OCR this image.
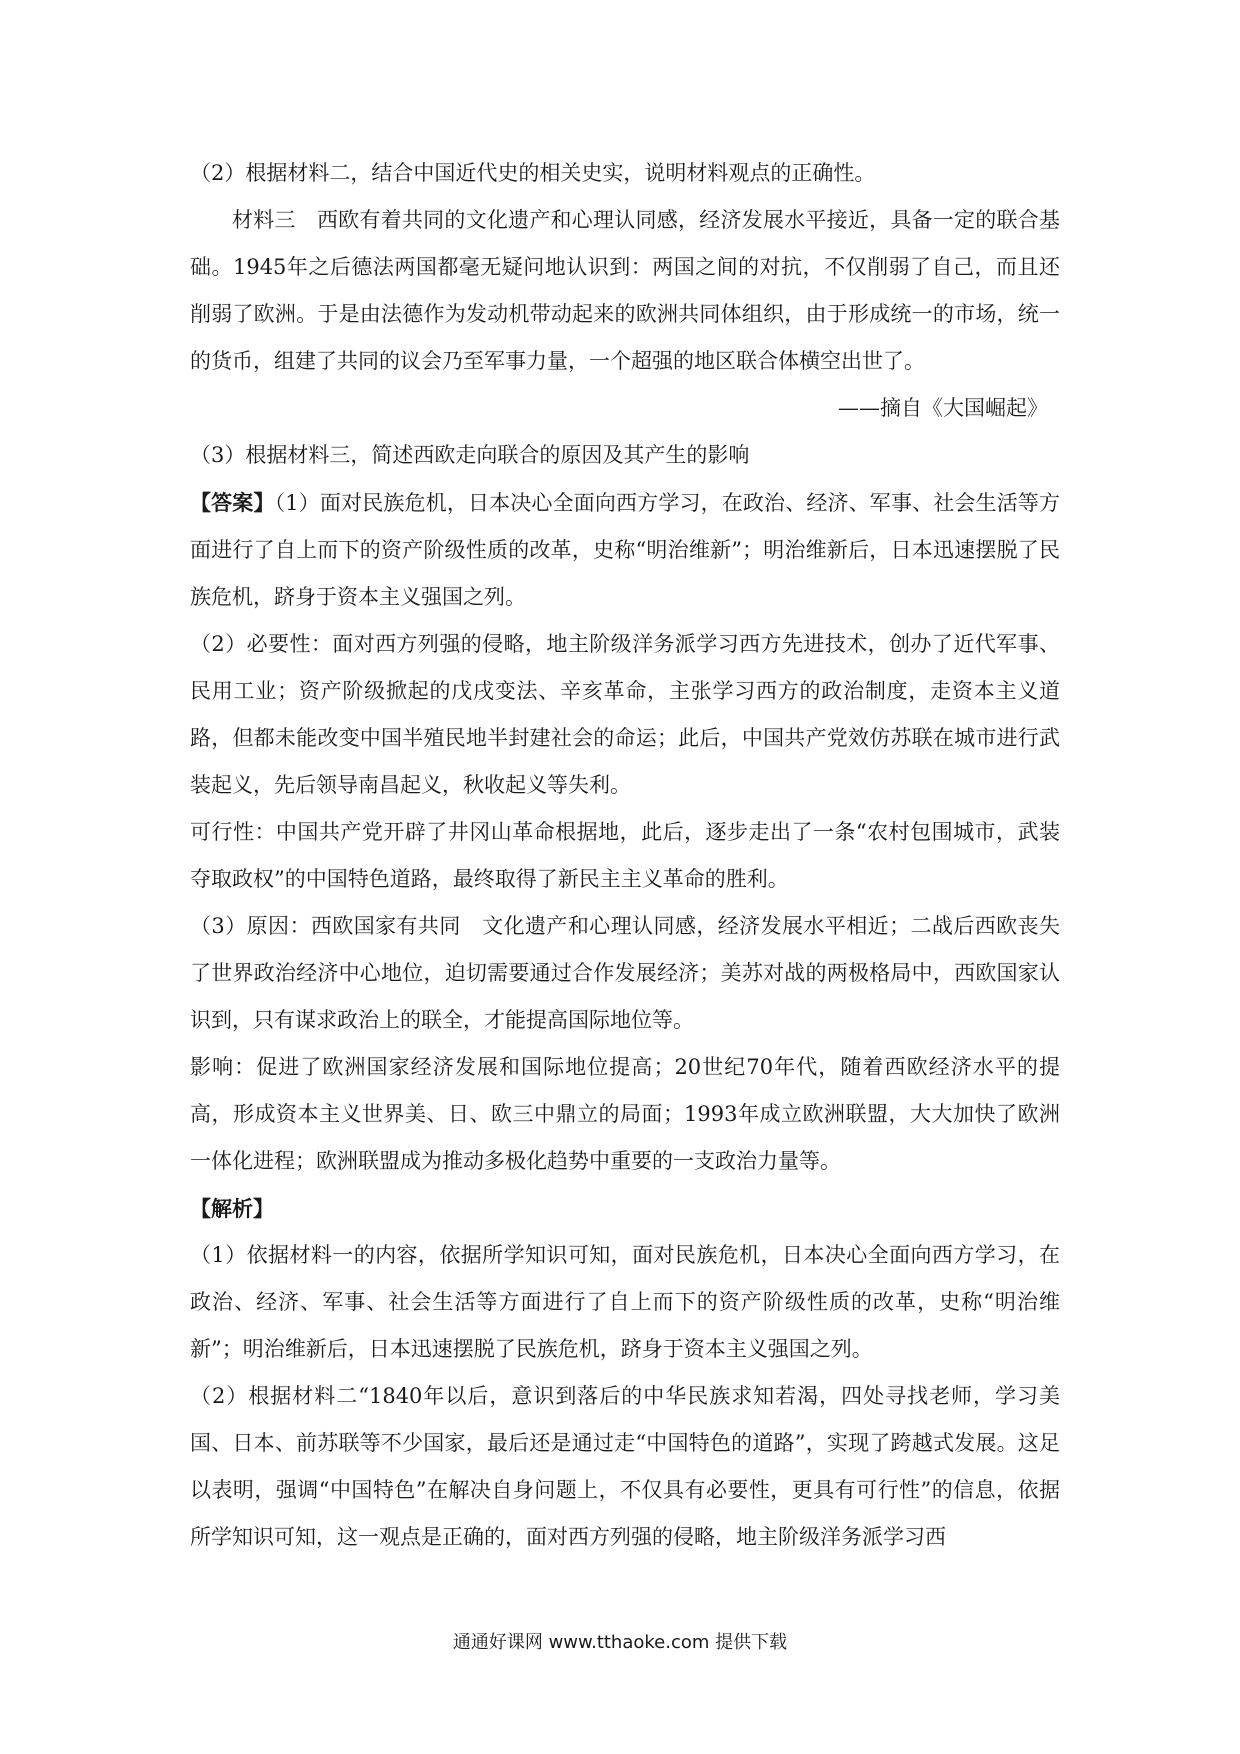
（2）根据材料二，结合中国近代史的相关史实，说明材料观点的正确性。

材料三　西欧有着共同的文化遗产和心理认同感，经济发展水平接近，具备一定的联合基础。1945年之后德法两国都毫无疑问地认识到：两国之间的对抗，不仅削弱了自己，而且还削弱了欧洲。于是由法德作为发动机带动起来的欧洲共同体组织，由于形成统一的市场，统一的货币，组建了共同的议会乃至军事力量，一个超强的地区联合体横空出世了。

——摘自《大国崛起》

（3）根据材料三，简述西欧走向联合的原因及其产生的影响

【答案】（1）面对民族危机，日本决心全面向西方学习，在政治、经济、军事、社会生活等方面进行了自上而下的资产阶级性质的改革，史称“明治维新”；明治维新后，日本迅速摆脱了民族危机，跻身于资本主义强国之列。

（2）必要性：面对西方列强的侵略，地主阶级洋务派学习西方先进技术，创办了近代军事、民用工业；资产阶级掀起的戊戌变法、辛亥革命，主张学习西方的政治制度，走资本主义道路，但都未能改变中国半殖民地半封建社会的命运；此后，中国共产党效仿苏联在城市进行武装起义，先后领导南昌起义，秋收起义等失利。

可行性：中国共产党开辟了井冈山革命根据地，此后，逐步走出了一条“农村包围城市，武装夺取政权”的中国特色道路，最终取得了新民主主义革命的胜利。

（3）原因：西欧国家有共同　文化遗产和心理认同感，经济发展水平相近；二战后西欧丧失了世界政治经济中心地位，迫切需要通过合作发展经济；美苏对战的两极格局中，西欧国家认识到，只有谋求政治上的联全，才能提高国际地位等。

影响：促进了欧洲国家经济发展和国际地位提高；20世纪70年代，随着西欧经济水平的提高，形成资本主义世界美、日、欧三中鼎立的局面；1993年成立欧洲联盟，大大加快了欧洲一体化进程；欧洲联盟成为推动多极化趋势中重要的一支政治力量等。

【解析】

（1）依据材料一的内容，依据所学知识可知，面对民族危机，日本决心全面向西方学习，在政治、经济、军事、社会生活等方面进行了自上而下的资产阶级性质的改革，史称“明治维新”；明治维新后，日本迅速摆脱了民族危机，跻身于资本主义强国之列。

（2）根据材料二“1840年以后，意识到落后的中华民族求知若渴，四处寻找老师，学习美国、日本、前苏联等不少国家，最后还是通过走“中国特色的道路”，实现了跨越式发展。这足以表明，强调“中国特色”在解决自身问题上，不仅具有必要性，更具有可行性”的信息，依据所学知识可知，这一观点是正确的，面对西方列强的侵略，地主阶级洋务派学习西

通通好课网 www.tthaoke.com 提供下载
